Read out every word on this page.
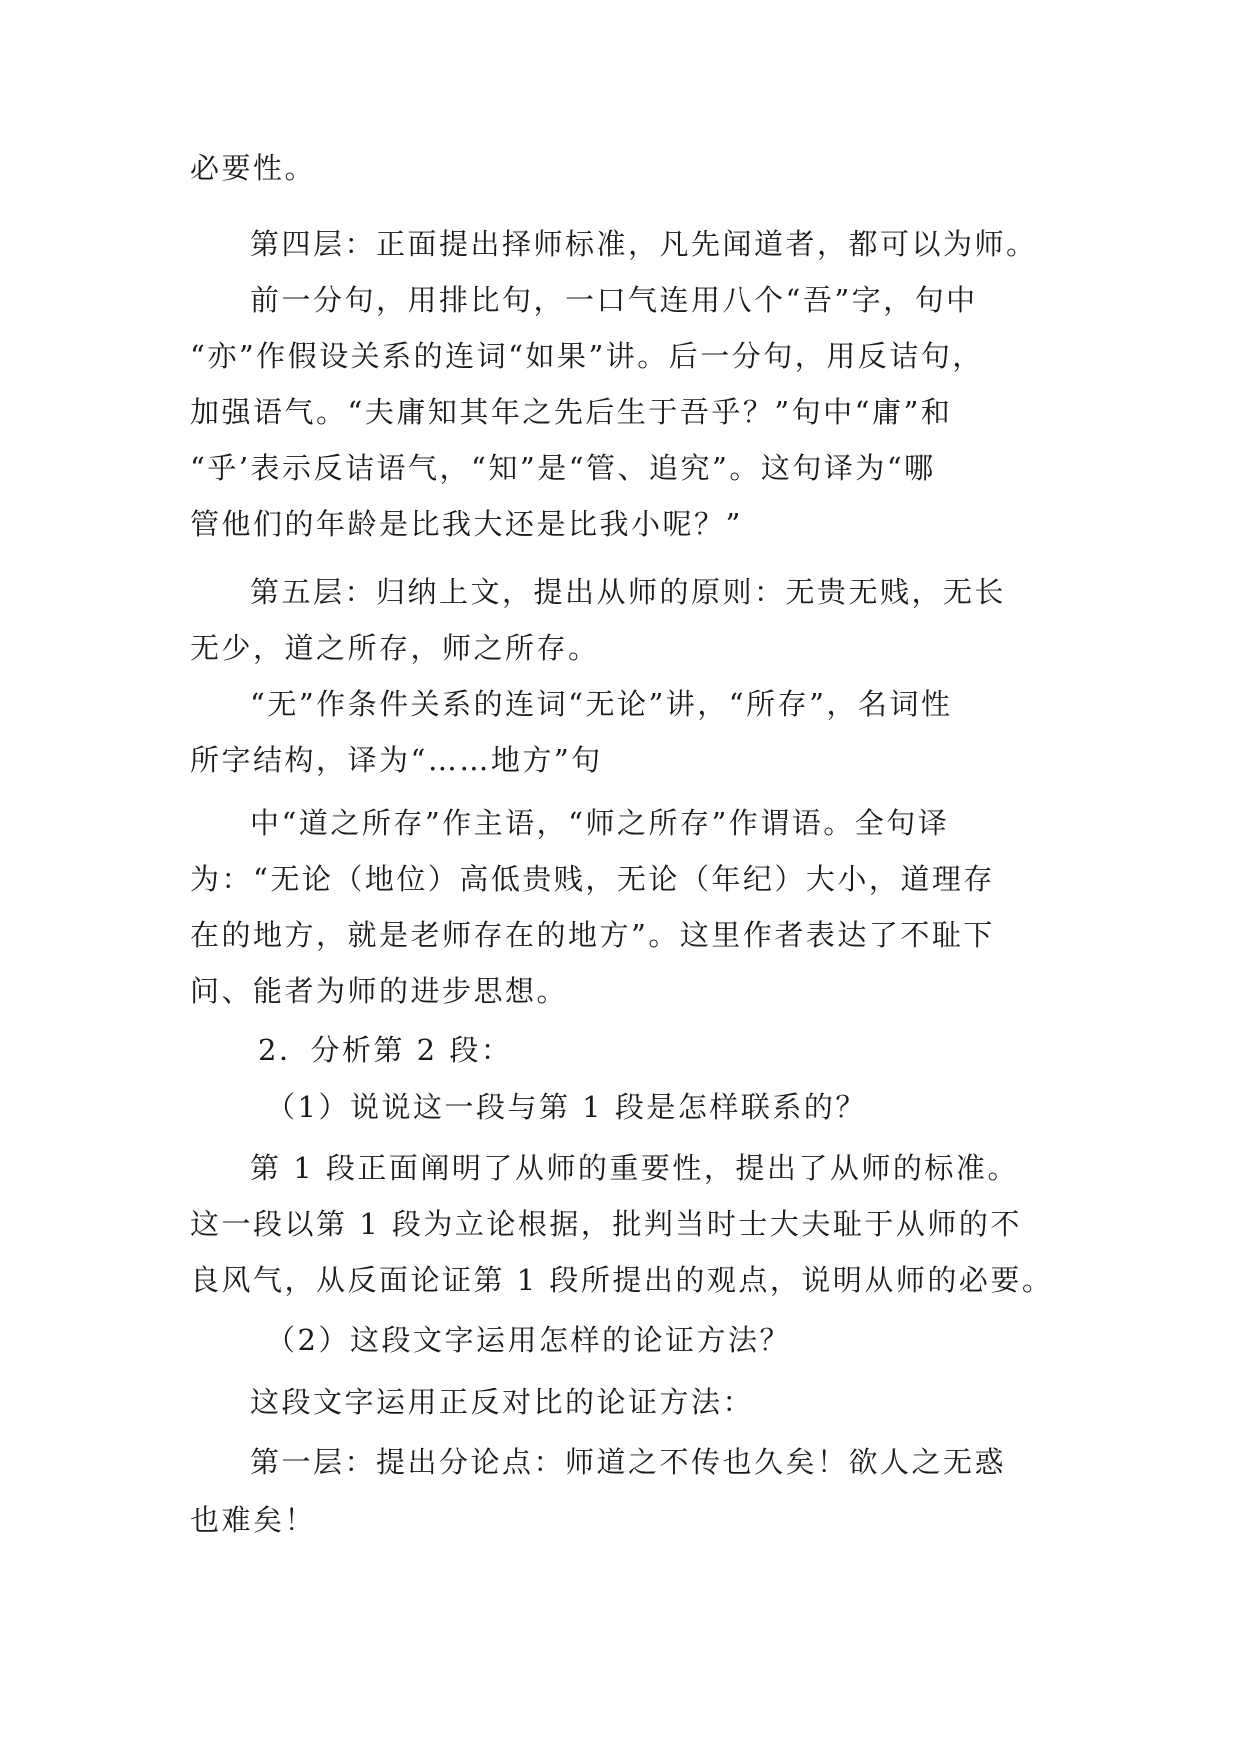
必要性。
第四层：正面提出择师标准，凡先闻道者，都可以为师。
前一分句，用排比句，一口气连用八个“吾”字，句中
“亦”作假设关系的连词“如果”讲。后一分句，用反诘句，
加强语气。“夫庸知其年之先后生于吾乎？”句中“庸”和
“乎’表示反诘语气，“知”是“管、追究”。这句译为“哪
管他们的年龄是比我大还是比我小呢？”
第五层：归纳上文，提出从师的原则：无贵无贱，无长
无少，道之所存，师之所存。
“无”作条件关系的连词“无论”讲，“所存”，名词性
所字结构，译为“……地方”句
中“道之所存”作主语，“师之所存”作谓语。全句译
为：“无论（地位）高低贵贱，无论（年纪）大小，道理存
在的地方，就是老师存在的地方”。这里作者表达了不耻下
问、能者为师的进步思想。
2．分析第 2 段：
（1）说说这一段与第 1 段是怎样联系的？
第 1 段正面阐明了从师的重要性，提出了从师的标准。
这一段以第 1 段为立论根据，批判当时士大夫耻于从师的不
良风气，从反面论证第 1 段所提出的观点，说明从师的必要。
（2）这段文字运用怎样的论证方法？
这段文字运用正反对比的论证方法：
第一层：提出分论点：师道之不传也久矣！欲人之无惑
也难矣！
